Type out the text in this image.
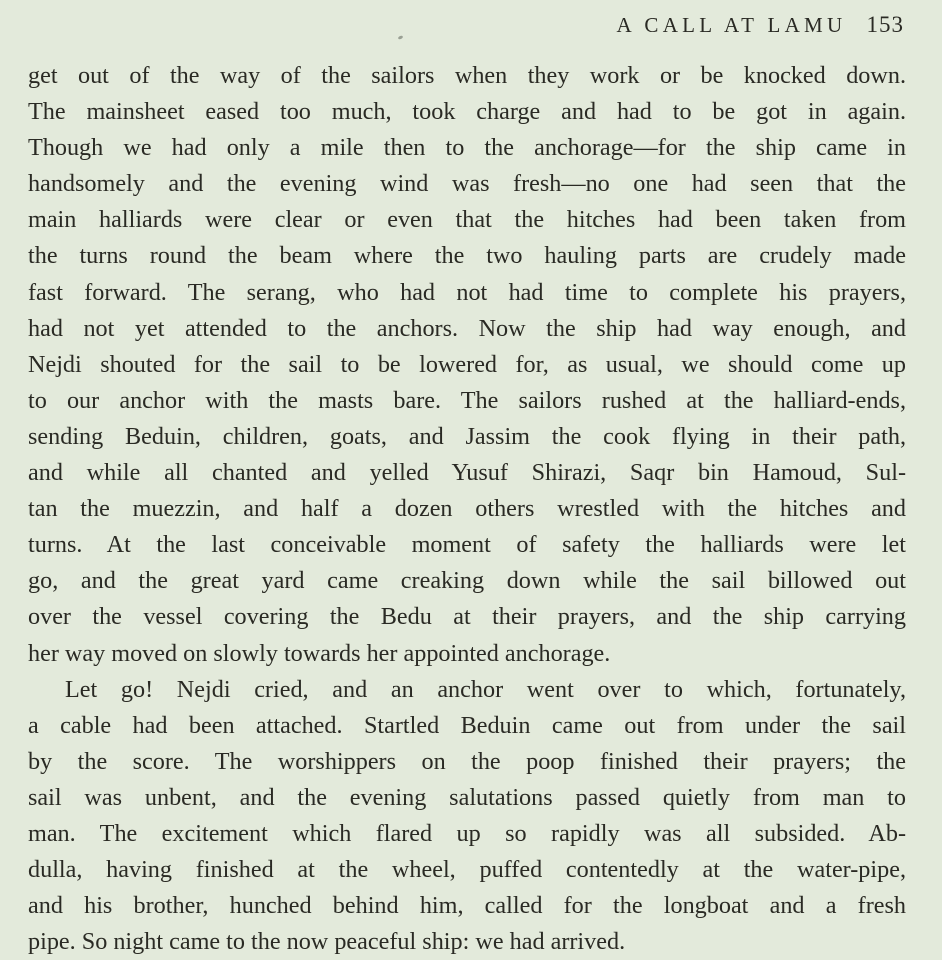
A CALL AT LAMU 153

get out of the way of the sailors when they work or be knocked down.

The mainsheet eased too much, took charge and had to be got in again.

Though we had only a mile then to the anchorage—for the ship came in

handsomely and the evening wind was fresh—no one had seen that the

main halliards were clear or even that the hitches had been taken from

the turns round the beam where the two hauling parts are crudely made

fast forward. The serang, who had not had time to complete his prayers,

had not yet attended to the anchors. Now the ship had way enough, and

Nejdi shouted for the sail to be lowered for, as usual, we should come up

to our anchor with the masts bare. The sailors rushed at the halliard-ends,

sending Beduin, children, goats, and Jassim the cook flying in their path,

and while all chanted and yelled Yusuf Shirazi, Saqr bin Hamoud, Sul-

tan the muezzin, and half a dozen others wrestled with the hitches and

turns. At the last conceivable moment of safety the halliards were let

go, and the great yard came creaking down while the sail billowed out

over the vessel covering the Bedu at their prayers, and the ship carrying

her way moved on slowly towards her appointed anchorage.

Let go! Nejdi cried, and an anchor went over to which, fortunately,

a cable had been attached. Startled Beduin came out from under the sail

by the score. The worshippers on the poop finished their prayers; the

sail was unbent, and the evening salutations passed quietly from man to

man. The excitement which flared up so rapidly was all subsided. Ab-

dulla, having finished at the wheel, puffed contentedly at the water-pipe,

and his brother, hunched behind him, called for the longboat and a fresh

pipe. So night came to the now peaceful ship: we had arrived.
